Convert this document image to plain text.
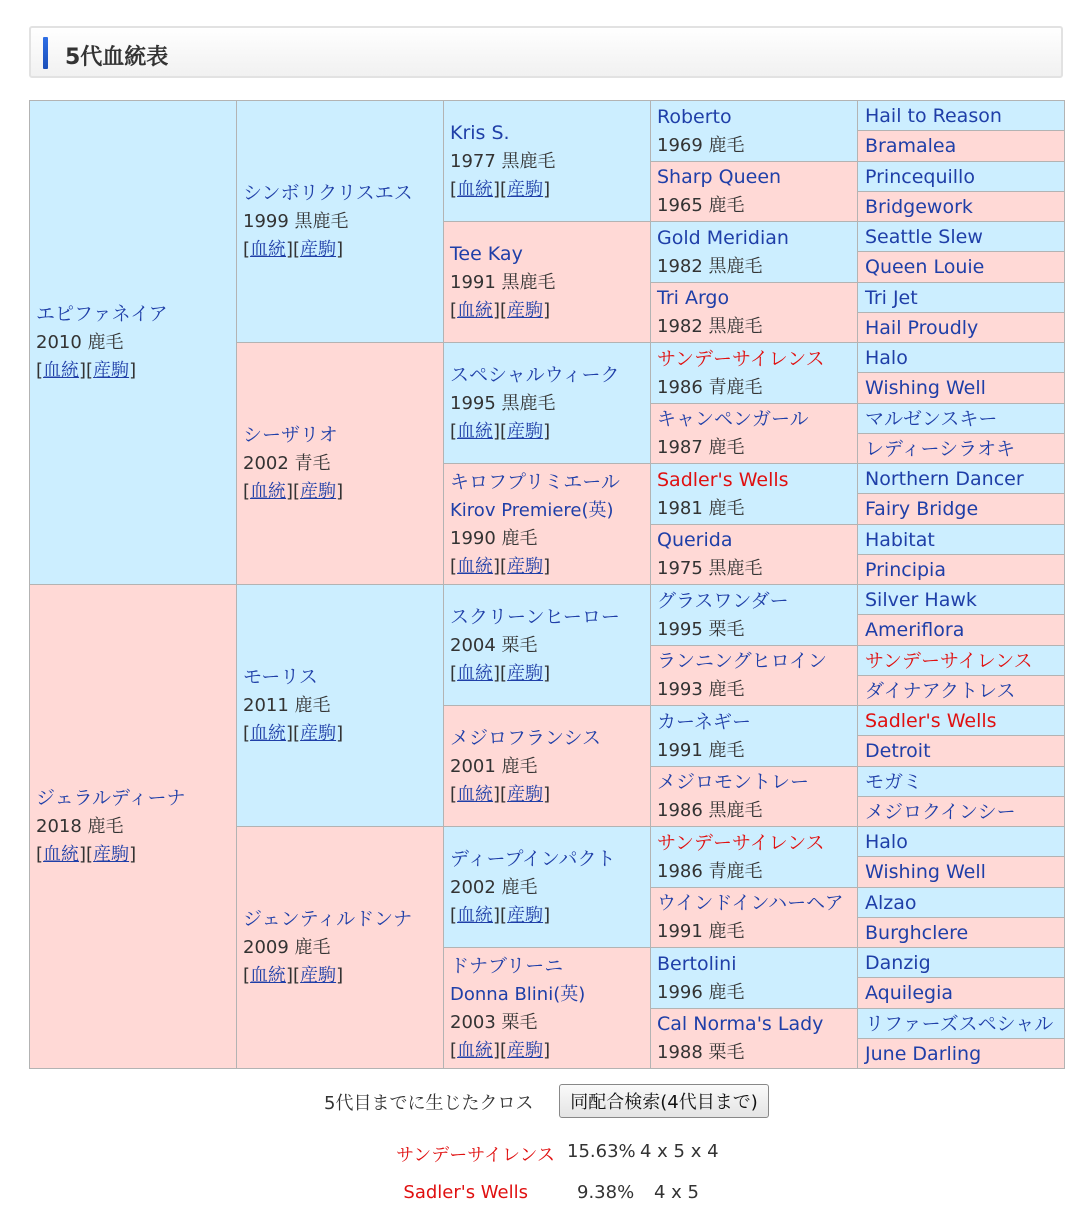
5代血統表
エピファネイア
2010 鹿毛
[血統][産駒]
ジェラルディーナ
2018 鹿毛
[血統][産駒]
シンボリクリスエス
1999 黒鹿毛
[血統][産駒]
シーザリオ
2002 青毛
[血統][産駒]
モーリス
2011 鹿毛
[血統][産駒]
ジェンティルドンナ
2009 鹿毛
[血統][産駒]
Kris S.
1977 黒鹿毛
[血統][産駒]
Tee Kay
1991 黒鹿毛
[血統][産駒]
スペシャルウィーク
1995 黒鹿毛
[血統][産駒]
キロフプリミエール
Kirov Premiere(英)
1990 鹿毛
[血統][産駒]
スクリーンヒーロー
2004 栗毛
[血統][産駒]
メジロフランシス
2001 鹿毛
[血統][産駒]
ディープインパクト
2002 鹿毛
[血統][産駒]
ドナブリーニ
Donna Blini(英)
2003 栗毛
[血統][産駒]
Roberto
1969 鹿毛
Sharp Queen
1965 鹿毛
Gold Meridian
1982 黒鹿毛
Tri Argo
1982 黒鹿毛
サンデーサイレンス
1986 青鹿毛
キャンペンガール
1987 鹿毛
Sadler's Wells
1981 鹿毛
Querida
1975 黒鹿毛
グラスワンダー
1995 栗毛
ランニングヒロイン
1993 鹿毛
カーネギー
1991 鹿毛
メジロモントレー
1986 黒鹿毛
サンデーサイレンス
1986 青鹿毛
ウインドインハーヘア
1991 鹿毛
Bertolini
1996 鹿毛
Cal Norma's Lady
1988 栗毛
Hail to Reason
Bramalea
Princequillo
Bridgework
Seattle Slew
Queen Louie
Tri Jet
Hail Proudly
Halo
Wishing Well
マルゼンスキー
レディーシラオキ
Northern Dancer
Fairy Bridge
Habitat
Principia
Silver Hawk
Ameriflora
サンデーサイレンス
ダイナアクトレス
Sadler's Wells
Detroit
モガミ
メジロクインシー
Halo
Wishing Well
Alzao
Burghclere
Danzig
Aquilegia
リファーズスペシャル
June Darling
5代目までに生じたクロス	同配合検索(4代目まで)
サンデーサイレンス 15.63% 4 x 5 x 4
Sadler's Wells	9.38% 4 x 5
